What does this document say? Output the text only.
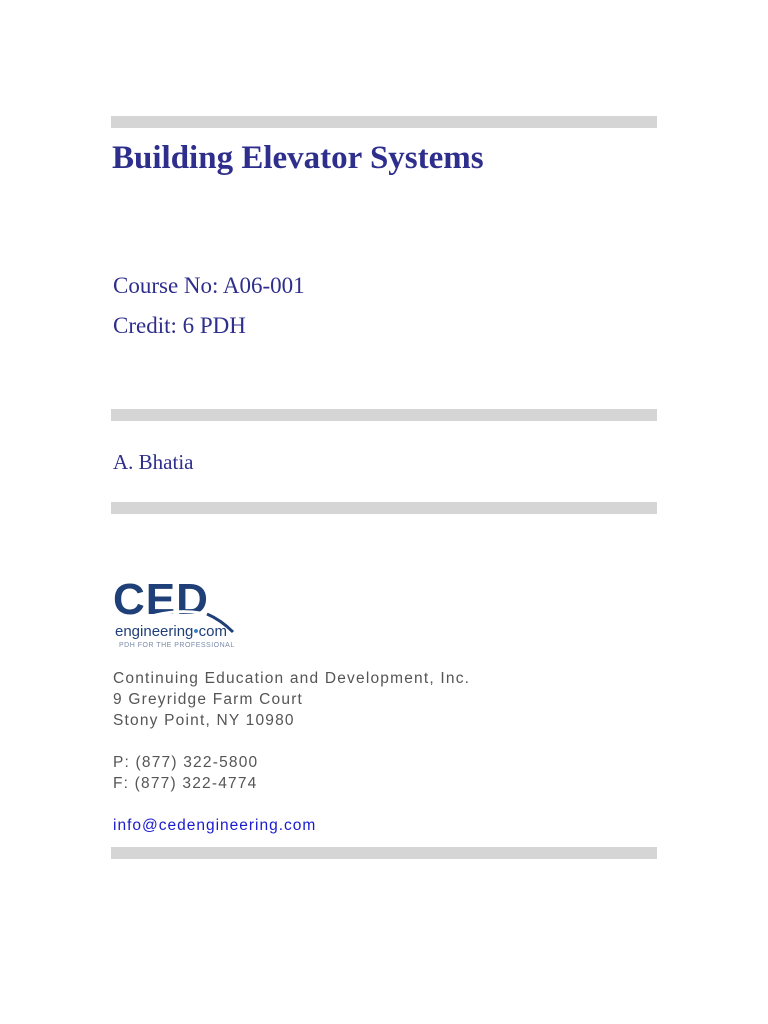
Building Elevator Systems
Course No: A06-001
Credit: 6 PDH
A. Bhatia
CED
engineering•com
PDH FOR THE PROFESSIONAL
Continuing Education and Development, Inc.
9 Greyridge Farm Court
Stony Point, NY 10980
P: (877) 322-5800
F: (877) 322-4774
info@cedengineering.com
